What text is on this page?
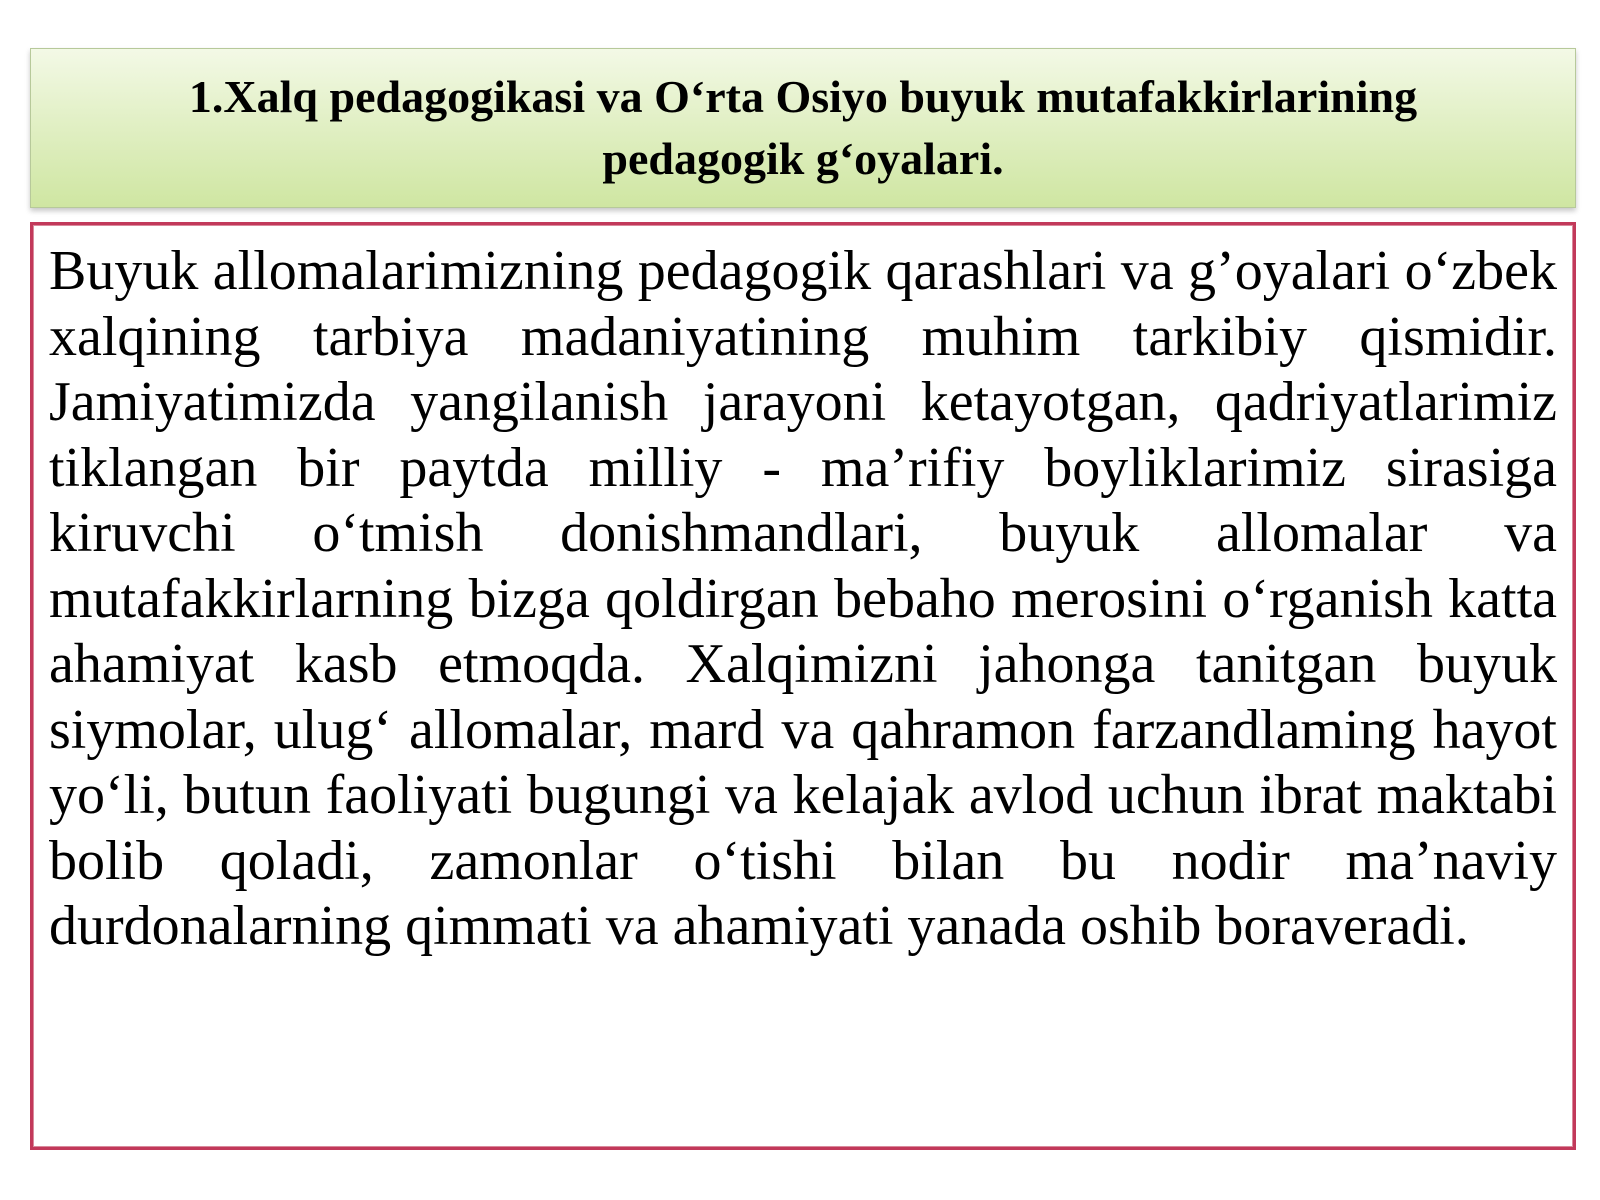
1.Xalq pedagogikasi va O‘rta Osiyo buyuk mutafakkirlarining pedagogik g‘oyalari.

Buyuk allomalarimizning pedagogik qarashlari va g’oyalari o‘zbek xalqining tarbiya madaniyatining muhim tarkibiy qismidir. Jamiyatimizda yangilanish jarayoni ketayotgan, qadriyatlarimiz tiklangan bir paytda milliy - ma’rifiy boyliklarimiz sirasiga kiruvchi o‘tmish donishmandlari, buyuk allomalar va mutafakkirlarning bizga qoldirgan bebaho merosini o‘rganish katta ahamiyat kasb etmoqda. Xalqimizni jahonga tanitgan buyuk siymolar, ulug‘ allomalar, mard va qahramon farzandlaming hayot yo‘li, butun faoliyati bugungi va kelajak avlod uchun ibrat maktabi bolib qoladi, zamonlar o‘tishi bilan bu nodir ma’naviy durdonalarning qimmati va ahamiyati yanada oshib boraveradi.
